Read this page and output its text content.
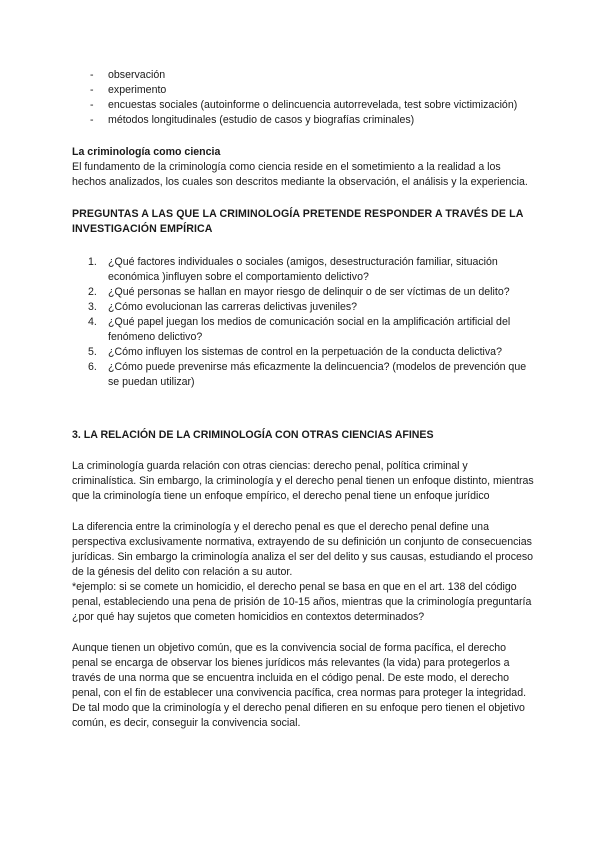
- observación
- experimento
- encuestas sociales (autoinforme o delincuencia autorrevelada, test sobre victimización)
- métodos longitudinales (estudio de casos y biografías criminales)
La criminología como ciencia

El fundamento de la criminología como ciencia reside en el sometimiento a la realidad a los hechos analizados, los cuales son descritos mediante la observación, el análisis y la experiencia.

PREGUNTAS A LAS QUE LA CRIMINOLOGÍA PRETENDE RESPONDER A TRAVÉS DE LA INVESTIGACIÓN EMPÍRICA
1. ¿Qué factores individuales o sociales (amigos, desestructuración familiar, situación económica )influyen sobre el comportamiento delictivo?
2. ¿Qué personas se hallan en mayor riesgo de delinquir o de ser víctimas de un delito?
3. ¿Cómo evolucionan las carreras delictivas juveniles?
4. ¿Qué papel juegan los medios de comunicación social en la amplificación artificial del fenómeno delictivo?
5. ¿Cómo influyen los sistemas de control en la perpetuación de la conducta delictiva?
6. ¿Cómo puede prevenirse más eficazmente la delincuencia? (modelos de prevención que se puedan utilizar)
3. LA RELACIÓN DE LA CRIMINOLOGÍA CON OTRAS CIENCIAS AFINES

La criminología guarda relación con otras ciencias: derecho penal, política criminal y criminalística. Sin embargo, la criminología y el derecho penal tienen un enfoque distinto, mientras que la criminología tiene un enfoque empírico, el derecho penal tiene un enfoque jurídico

La diferencia entre la criminología y el derecho penal es que el derecho penal define una perspectiva exclusivamente normativa, extrayendo de su definición un conjunto de consecuencias jurídicas. Sin embargo la criminología analiza el ser del delito y sus causas, estudiando el proceso de la génesis del delito con relación a su autor.

*ejemplo: si se comete un homicidio, el derecho penal se basa en que en el art. 138 del código penal, estableciendo una pena de prisión de 10-15 años, mientras que la criminología preguntaría ¿por qué hay sujetos que cometen homicidios en contextos determinados?

Aunque tienen un objetivo común, que es la convivencia social de forma pacífica, el derecho penal se encarga de observar los bienes jurídicos más relevantes (la vida) para protegerlos a través de una norma que se encuentra incluida en el código penal. De este modo, el derecho penal, con el fin de establecer una convivencia pacífica, crea normas para proteger la integridad. De tal modo que la criminología y el derecho penal difieren en su enfoque pero tienen el objetivo común, es decir, conseguir la convivencia social.
